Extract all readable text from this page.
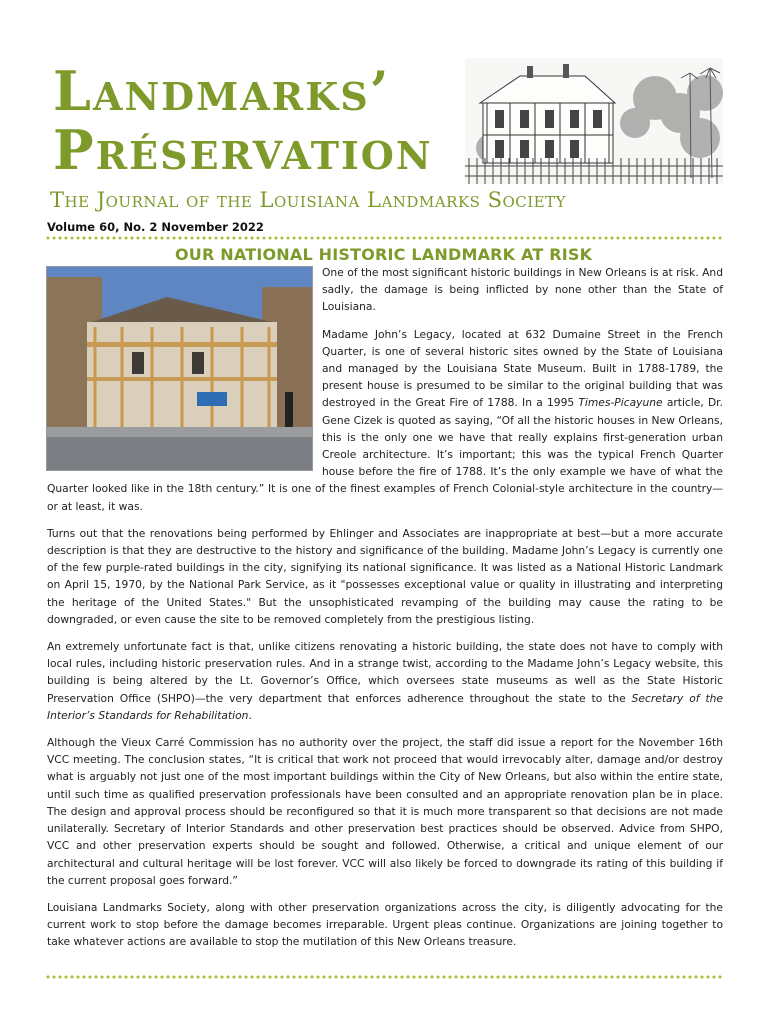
Landmarks’
Préservation
The Journal of the Louisiana Landmarks Society
Volume 60, No. 2 November 2022
OUR NATIONAL HISTORIC LANDMARK AT RISK

One of the most significant historic buildings in New Orleans is at risk. And sadly, the damage is being inflicted by none other than the State of Louisiana.

Madame John’s Legacy, located at 632 Dumaine Street in the French Quarter, is one of several historic sites owned by the State of Louisiana and managed by the Louisiana State Museum. Built in 1788-1789, the present house is presumed to be similar to the original building that was destroyed in the Great Fire of 1788. In a 1995 Times-Picayune article, Dr. Gene Cizek is quoted as saying, “Of all the historic houses in New Orleans, this is the only one we have that really explains first-generation urban Creole architecture. It’s important; this was the typical French Quarter house before the fire of 1788. It’s the only example we have of what the Quarter looked like in the 18th century.” It is one of the finest examples of French Colonial-style architecture in the country—or at least, it was.

Turns out that the renovations being performed by Ehlinger and Associates are inappropriate at best—but a more accurate description is that they are destructive to the history and significance of the building. Madame John’s Legacy is currently one of the few purple-rated buildings in the city, signifying its national significance. It was listed as a National Historic Landmark on April 15, 1970, by the National Park Service, as it "possesses exceptional value or quality in illustrating and interpreting the heritage of the United States." But the unsophisticated revamping of the building may cause the rating to be downgraded, or even cause the site to be removed completely from the prestigious listing.

An extremely unfortunate fact is that, unlike citizens renovating a historic building, the state does not have to comply with local rules, including historic preservation rules. And in a strange twist, according to the Madame John’s Legacy website, this building is being altered by the Lt. Governor’s Office, which oversees state museums as well as the State Historic Preservation Office (SHPO)—the very department that enforces adherence throughout the state to the Secretary of the Interior’s Standards for Rehabilitation.

Although the Vieux Carré Commission has no authority over the project, the staff did issue a report for the November 16th VCC meeting. The conclusion states, “It is critical that work not proceed that would irrevocably alter, damage and/or destroy what is arguably not just one of the most important buildings within the City of New Orleans, but also within the entire state, until such time as qualified preservation professionals have been consulted and an appropriate renovation plan be in place. The design and approval process should be reconfigured so that it is much more transparent so that decisions are not made unilaterally. Secretary of Interior Standards and other preservation best practices should be observed. Advice from SHPO, VCC and other preservation experts should be sought and followed. Otherwise, a critical and unique element of our architectural and cultural heritage will be lost forever. VCC will also likely be forced to downgrade its rating of this building if the current proposal goes forward.”

Louisiana Landmarks Society, along with other preservation organizations across the city, is diligently advocating for the current work to stop before the damage becomes irreparable. Urgent pleas continue. Organizations are joining together to take whatever actions are available to stop the mutilation of this New Orleans treasure.
